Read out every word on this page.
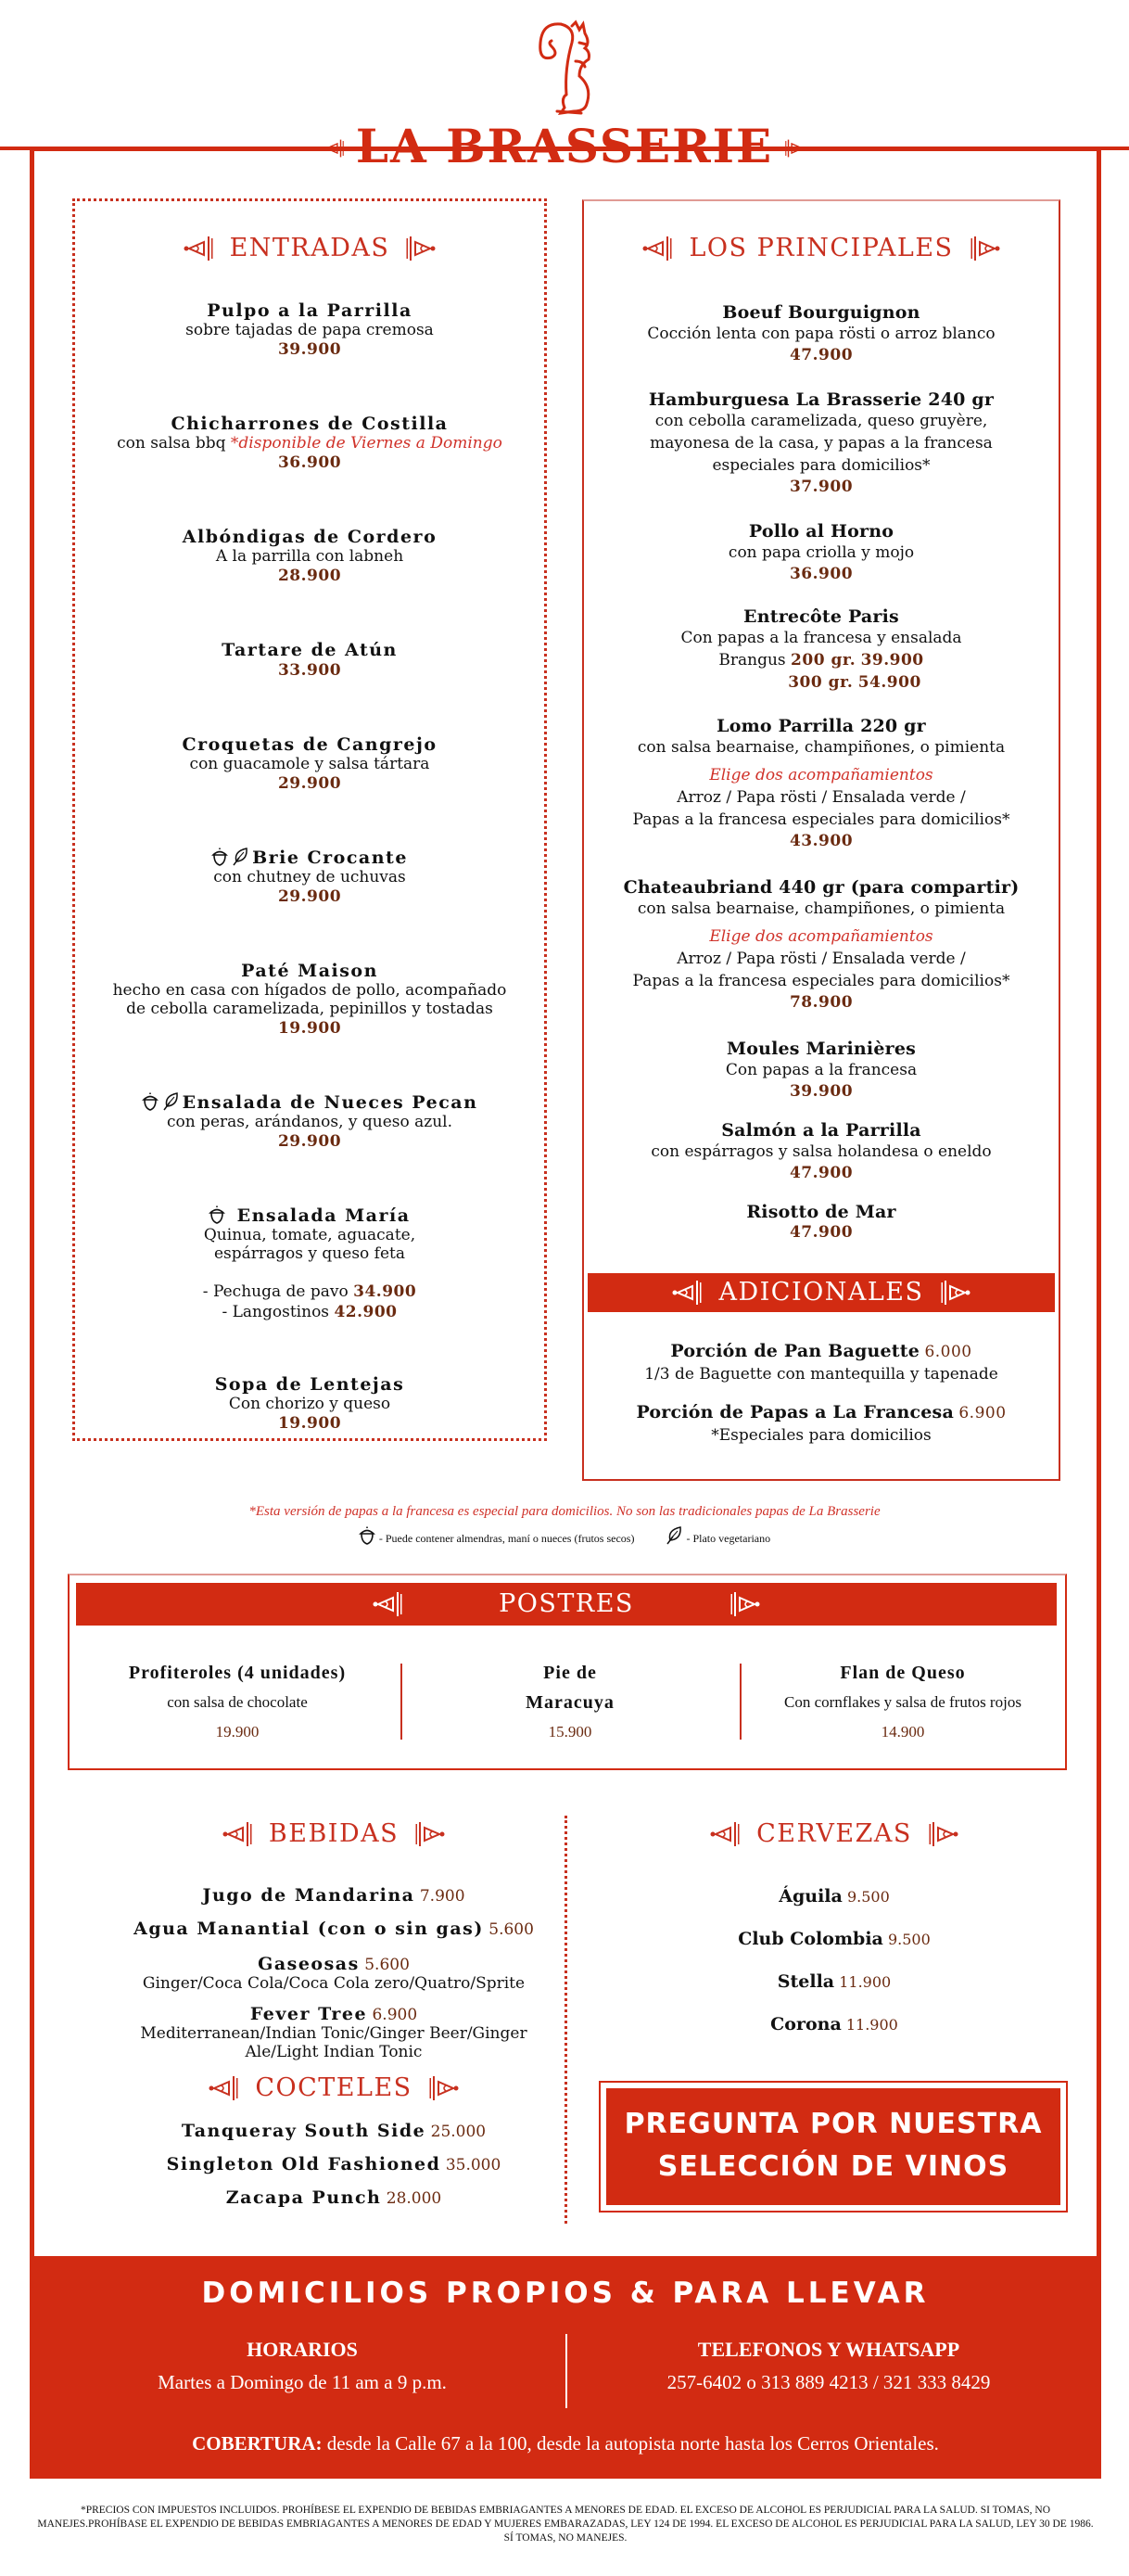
LA BRASSERIE
ENTRADAS
Pulpo a la Parrilla
sobre tajadas de papa cremosa
39.900
Chicharrones de Costilla
con salsa bbq *disponible de Viernes a Domingo
36.900
Albóndigas de Cordero
A la parrilla con labneh
28.900
Tartare de Atún
33.900
Croquetas de Cangrejo
con guacamole y salsa tártara
29.900
Brie Crocante
con chutney de uchuvas
29.900
Paté Maison
hecho en casa con hígados de pollo, acompañado
de cebolla caramelizada, pepinillos y tostadas
19.900
Ensalada de Nueces Pecan
con peras, arándanos, y queso azul.
29.900
Ensalada María
Quinua, tomate, aguacate,
espárragos y queso feta
- Pechuga de pavo 34.900
- Langostinos 42.900
Sopa de Lentejas
Con chorizo y queso
19.900
LOS PRINCIPALES
Boeuf Bourguignon
Cocción lenta con papa rösti o arroz blanco
47.900
Hamburguesa La Brasserie 240 gr
con cebolla caramelizada, queso gruyère,
mayonesa de la casa, y papas a la francesa
especiales para domicilios*
37.900
Pollo al Horno
con papa criolla y mojo
36.900
Entrecôte Paris
Con papas a la francesa y ensalada
Brangus 200 gr. 39.900
300 gr. 54.900
Lomo Parrilla 220 gr
con salsa bearnaise, champiñones, o pimienta
Elige dos acompañamientos
Arroz / Papa rösti / Ensalada verde /
Papas a la francesa especiales para domicilios*
43.900
Chateaubriand 440 gr (para compartir)
con salsa bearnaise, champiñones, o pimienta
Elige dos acompañamientos
Arroz / Papa rösti / Ensalada verde /
Papas a la francesa especiales para domicilios*
78.900
Moules Marinières
Con papas a la francesa
39.900
Salmón a la Parrilla
con espárragos y salsa holandesa o eneldo
47.900
Risotto de Mar
47.900
ADICIONALES
Porción de Pan Baguette 6.000
1/3 de Baguette con mantequilla y tapenade
Porción de Papas a La Francesa 6.900
*Especiales para domicilios
*Esta versión de papas a la francesa es especial para domicilios. No son las tradicionales papas de La Brasserie
- Puede contener almendras, maní o nueces (frutos secos)	- Plato vegetariano
POSTRES
Profiteroles (4 unidades)
con salsa de chocolate
19.900
Pie de
Maracuya
15.900
Flan de Queso
Con cornflakes y salsa de frutos rojos
14.900
BEBIDAS
Jugo de Mandarina 7.900
Agua Manantial (con o sin gas) 5.600
Gaseosas 5.600
Ginger/Coca Cola/Coca Cola zero/Quatro/Sprite
Fever Tree 6.900
Mediterranean/Indian Tonic/Ginger Beer/Ginger
Ale/Light Indian Tonic
COCTELES
Tanqueray South Side 25.000
Singleton Old Fashioned 35.000
Zacapa Punch 28.000
CERVEZAS
Águila 9.500
Club Colombia 9.500
Stella 11.900
Corona 11.900
PREGUNTA POR NUESTRA
SELECCIÓN DE VINOS
DOMICILIOS PROPIOS & PARA LLEVAR
HORARIOS
Martes a Domingo de 11 am a 9 p.m.
TELEFONOS Y WHATSAPP
257-6402 o 313 889 4213 / 321 333 8429
COBERTURA: desde la Calle 67 a la 100, desde la autopista norte hasta los Cerros Orientales.
*PRECIOS CON IMPUESTOS INCLUIDOS. PROHÍBESE EL EXPENDIO DE BEBIDAS EMBRIAGANTES A MENORES DE EDAD. EL EXCESO DE ALCOHOL ES PERJUDICIAL PARA LA SALUD. SI TOMAS, NO MANEJES.PROHÍBASE EL EXPENDIO DE BEBIDAS EMBRIAGANTES A MENORES DE EDAD Y MUJERES EMBARAZADAS, LEY 124 DE 1994. EL EXCESO DE ALCOHOL ES PERJUDICIAL PARA LA SALUD, LEY 30 DE 1986. SÍ TOMAS, NO MANEJES.
